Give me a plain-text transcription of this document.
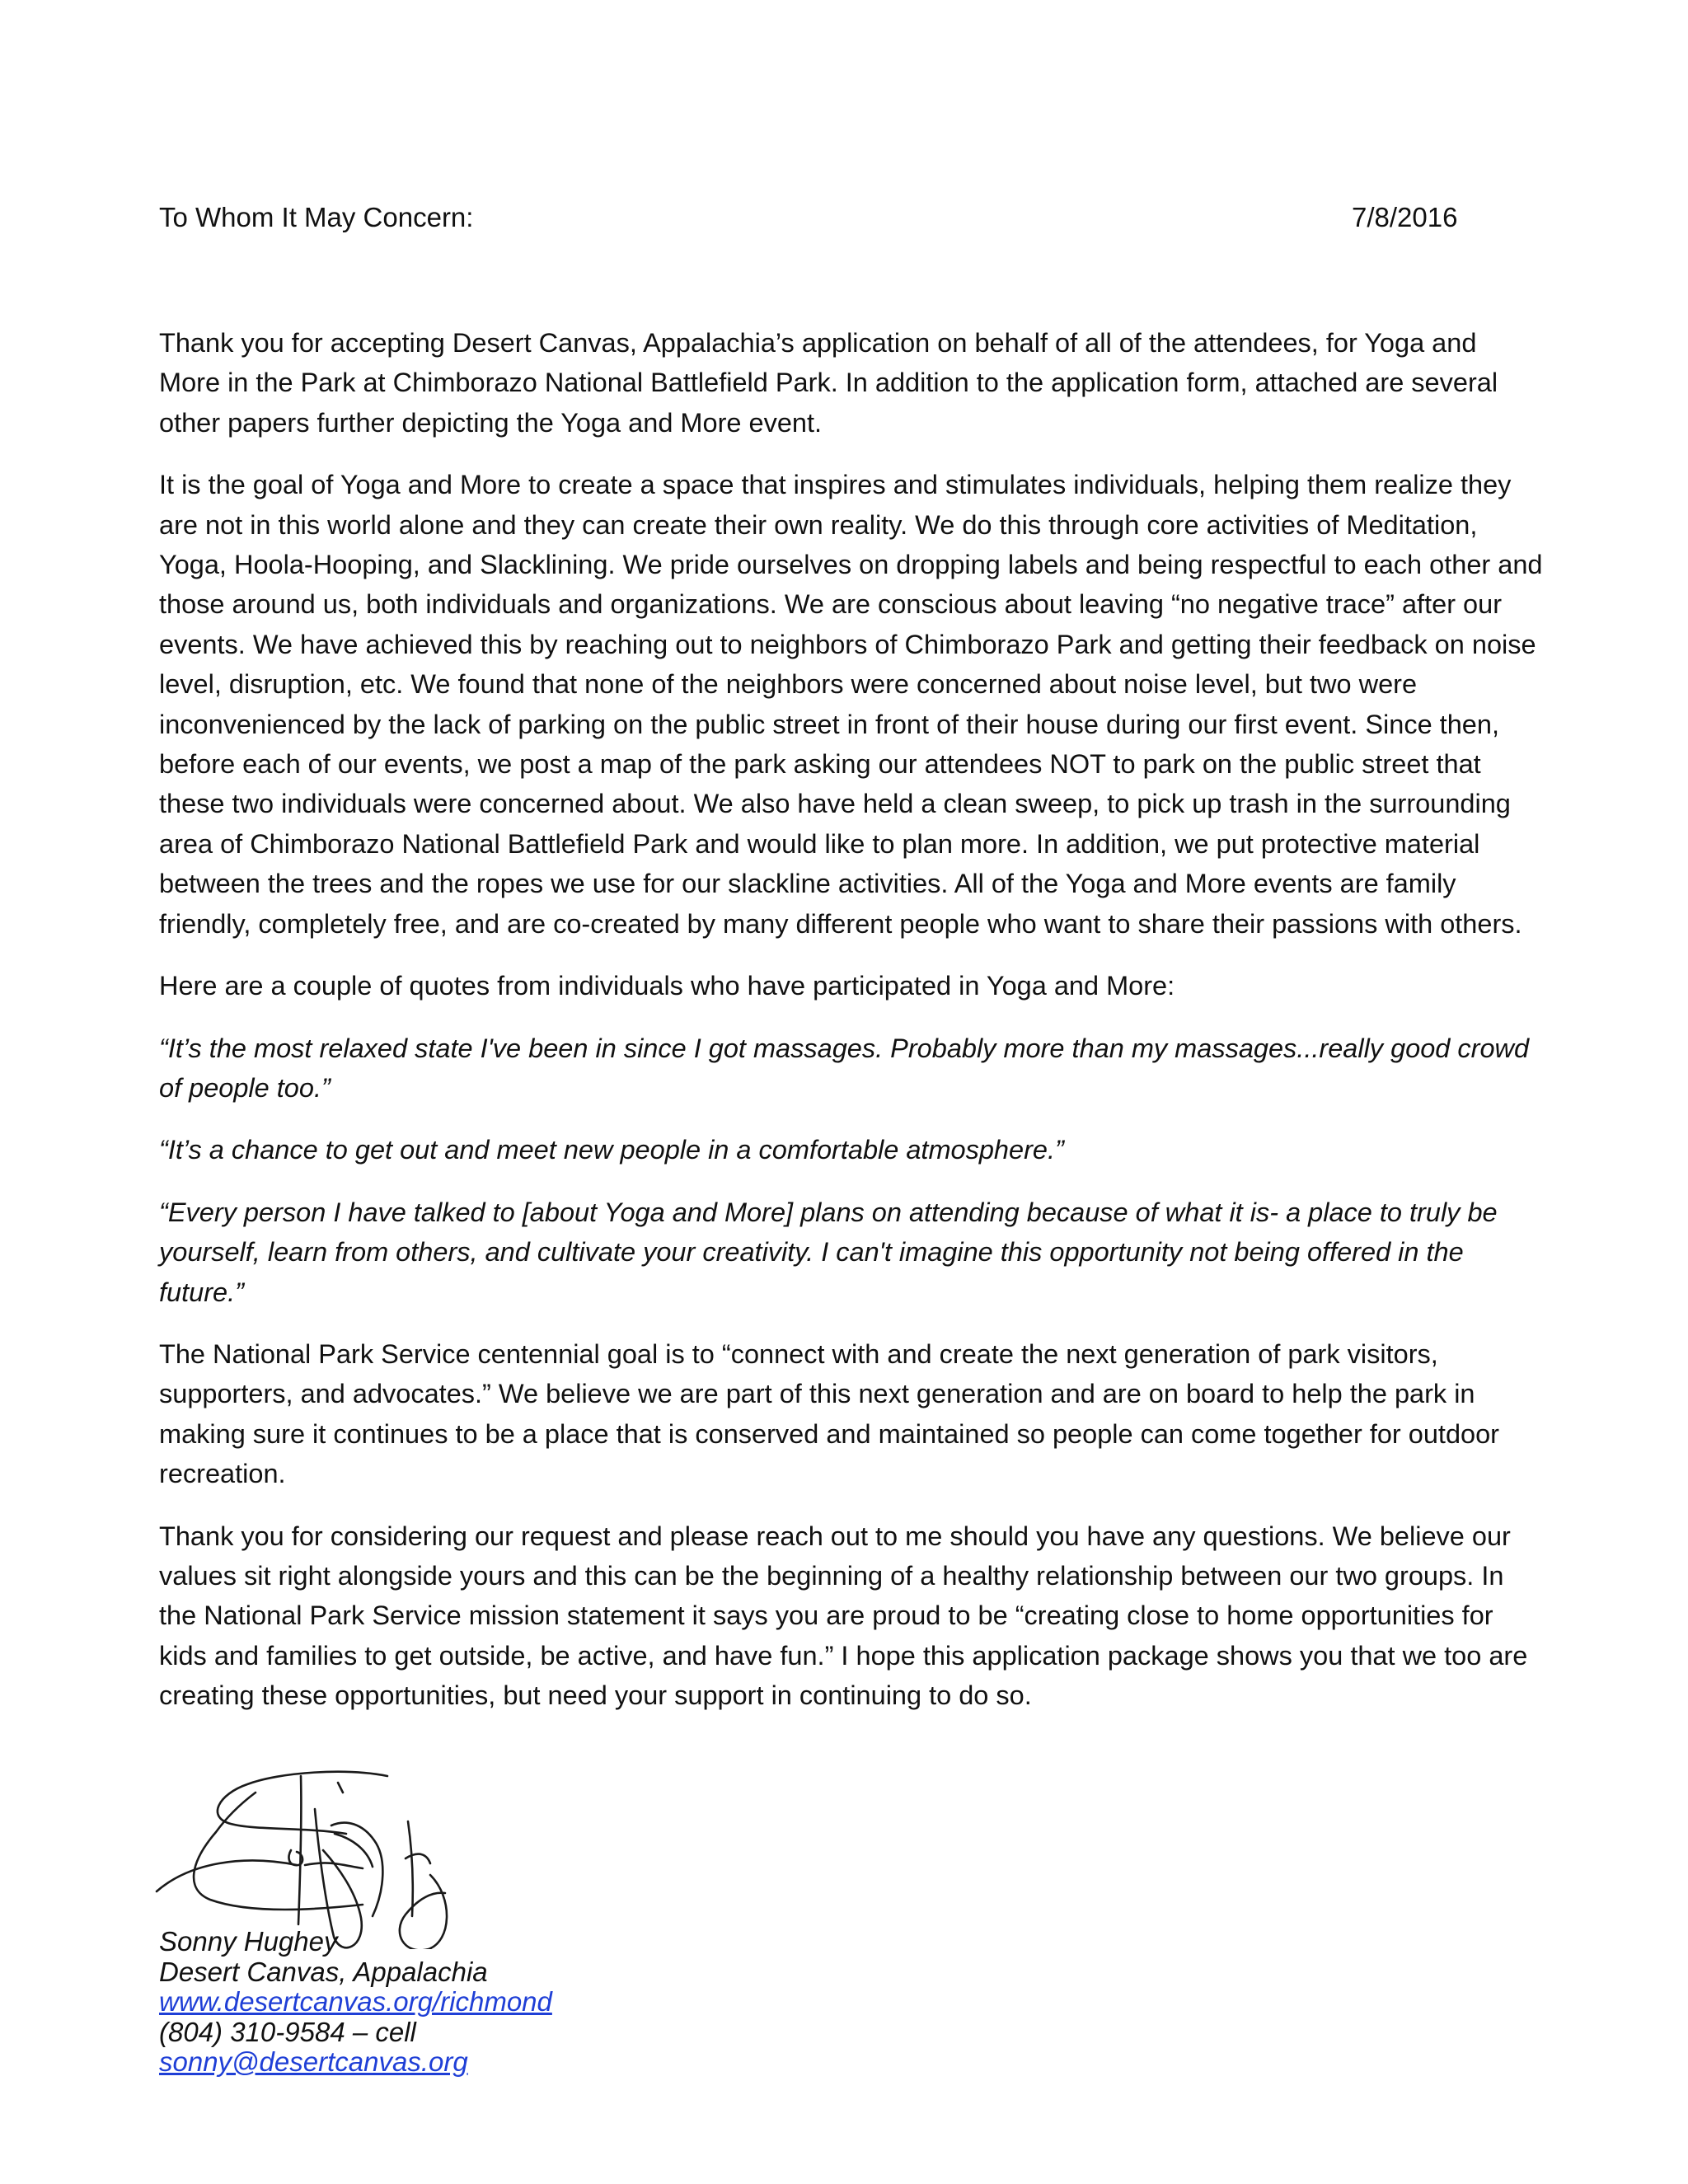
To Whom It May Concern:	7/8/2016

Thank you for accepting Desert Canvas, Appalachia’s application on behalf of all of the attendees, for Yoga and More in the Park at Chimborazo National Battlefield Park. In addition to the application form, attached are several other papers further depicting the Yoga and More event.

It is the goal of Yoga and More to create a space that inspires and stimulates individuals, helping them realize they are not in this world alone and they can create their own reality. We do this through core activities of Meditation, Yoga, Hoola-Hooping, and Slacklining. We pride ourselves on dropping labels and being respectful to each other and those around us, both individuals and organizations. We are conscious about leaving “no negative trace” after our events. We have achieved this by reaching out to neighbors of Chimborazo Park and getting their feedback on noise level, disruption, etc. We found that none of the neighbors were concerned about noise level, but two were inconvenienced by the lack of parking on the public street in front of their house during our first event. Since then, before each of our events, we post a map of the park asking our attendees NOT to park on the public street that these two individuals were concerned about. We also have held a clean sweep, to pick up trash in the surrounding area of Chimborazo National Battlefield Park and would like to plan more. In addition, we put protective material between the trees and the ropes we use for our slackline activities. All of the Yoga and More events are family friendly, completely free, and are co-created by many different people who want to share their passions with others.

Here are a couple of quotes from individuals who have participated in Yoga and More:

“It’s the most relaxed state I've been in since I got massages. Probably more than my massages...really good crowd of people too.”

“It’s a chance to get out and meet new people in a comfortable atmosphere.”

“Every person I have talked to [about Yoga and More] plans on attending because of what it is- a place to truly be yourself, learn from others, and cultivate your creativity. I can't imagine this opportunity not being offered in the future.”

The National Park Service centennial goal is to “connect with and create the next generation of park visitors, supporters, and advocates.” We believe we are part of this next generation and are on board to help the park in making sure it continues to be a place that is conserved and maintained so people can come together for outdoor recreation.

Thank you for considering our request and please reach out to me should you have any questions. We believe our values sit right alongside yours and this can be the beginning of a healthy relationship between our two groups. In the National Park Service mission statement it says you are proud to be “creating close to home opportunities for kids and families to get outside, be active, and have fun.” I hope this application package shows you that we too are creating these opportunities, but need your support in continuing to do so.

Sonny Hughey
Desert Canvas, Appalachia
www.desertcanvas.org/richmond
(804) 310-9584 – cell
sonny@desertcanvas.org
